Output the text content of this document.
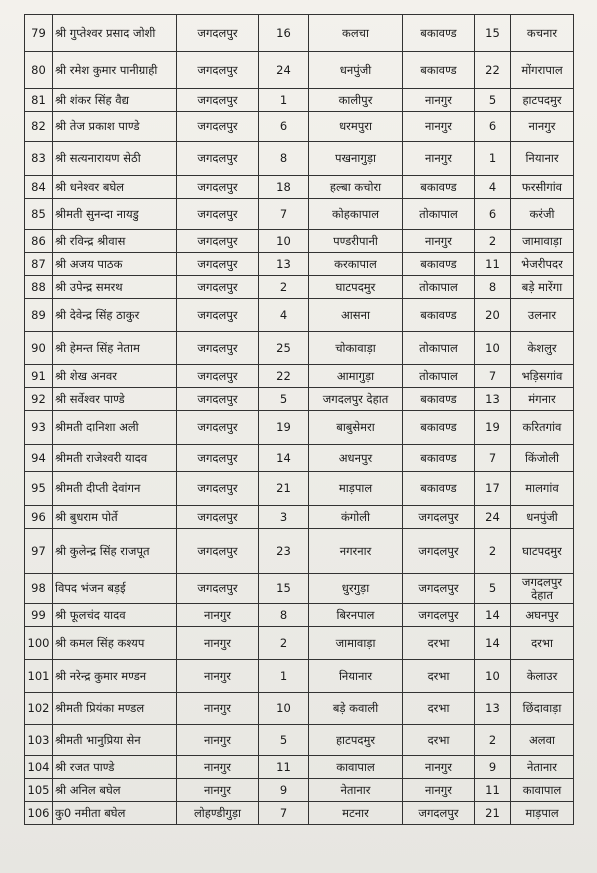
79	श्री गुप्तेश्वर प्रसाद जोशी	जगदलपुर	16	कलचा	बकावण्ड	15	कचनार
80	श्री रमेश कुमार पानीग्राही	जगदलपुर	24	धनपुंजी	बकावण्ड	22	मोंगरापाल
81	श्री शंकर सिंह वैद्य	जगदलपुर	1	कालीपुर	नानगुर	5	हाटपदमुर
82	श्री तेज प्रकाश पाण्डे	जगदलपुर	6	धरमपुरा	नानगुर	6	नानगुर
83	श्री सत्यनारायण सेठी	जगदलपुर	8	पखनागुड़ा	नानगुर	1	नियानार
84	श्री धनेश्वर बघेल	जगदलपुर	18	हल्बा कचोरा	बकावण्ड	4	फरसीगांव
85	श्रीमती सुनन्दा नायडु	जगदलपुर	7	कोहकापाल	तोकापाल	6	करंजी
86	श्री रविन्द्र श्रीवास	जगदलपुर	10	पण्डरीपानी	नानगुर	2	जामावाड़ा
87	श्री अजय पाठक	जगदलपुर	13	करकापाल	बकावण्ड	11	भेजरीपदर
88	श्री उपेन्द्र समरथ	जगदलपुर	2	घाटपदमुर	तोकापाल	8	बड़े मारेंगा
89	श्री देवेन्द्र सिंह ठाकुर	जगदलपुर	4	आसना	बकावण्ड	20	उलनार
90	श्री हेमन्त सिंह नेताम	जगदलपुर	25	चोकावाड़ा	तोकापाल	10	केशलुर
91	श्री शेख अनवर	जगदलपुर	22	आमागुड़ा	तोकापाल	7	भड़िसगांव
92	श्री सर्वेश्वर पाण्डे	जगदलपुर	5	जगदलपुर देहात	बकावण्ड	13	मंगनार
93	श्रीमती दानिशा अली	जगदलपुर	19	बाबुसेमरा	बकावण्ड	19	करितगांव
94	श्रीमती राजेश्वरी यादव	जगदलपुर	14	अधनपुर	बकावण्ड	7	किंजोली
95	श्रीमती दीप्ती देवांगन	जगदलपुर	21	माड़पाल	बकावण्ड	17	मालगांव
96	श्री बुधराम पोर्ते	जगदलपुर	3	कंगोली	जगदलपुर	24	धनपुंजी
97	श्री कुलेन्द्र सिंह राजपूत	जगदलपुर	23	नगरनार	जगदलपुर	2	घाटपदमुर
98	विपद भंजन बड़ई	जगदलपुर	15	धुरगुड़ा	जगदलपुर	5	जगदलपुर देहात
99	श्री फूलचंद यादव	नानगुर	8	बिरनपाल	जगदलपुर	14	अघनपुर
100	श्री कमल सिंह कश्यप	नानगुर	2	जामावाड़ा	दरभा	14	दरभा
101	श्री नरेन्द्र कुमार मण्डन	नानगुर	1	नियानार	दरभा	10	केलाउर
102	श्रीमती प्रियंका मण्डल	नानगुर	10	बड़े कवाली	दरभा	13	छिंदावाड़ा
103	श्रीमती भानुप्रिया सेन	नानगुर	5	हाटपदमुर	दरभा	2	अलवा
104	श्री रजत पाण्डे	नानगुर	11	कावापाल	नानगुर	9	नेतानार
105	श्री अनिल बघेल	नानगुर	9	नेतानार	नानगुर	11	कावापाल
106	कु0 नमीता बघेल	लोहण्डीगुड़ा	7	मटनार	जगदलपुर	21	माड़पाल
